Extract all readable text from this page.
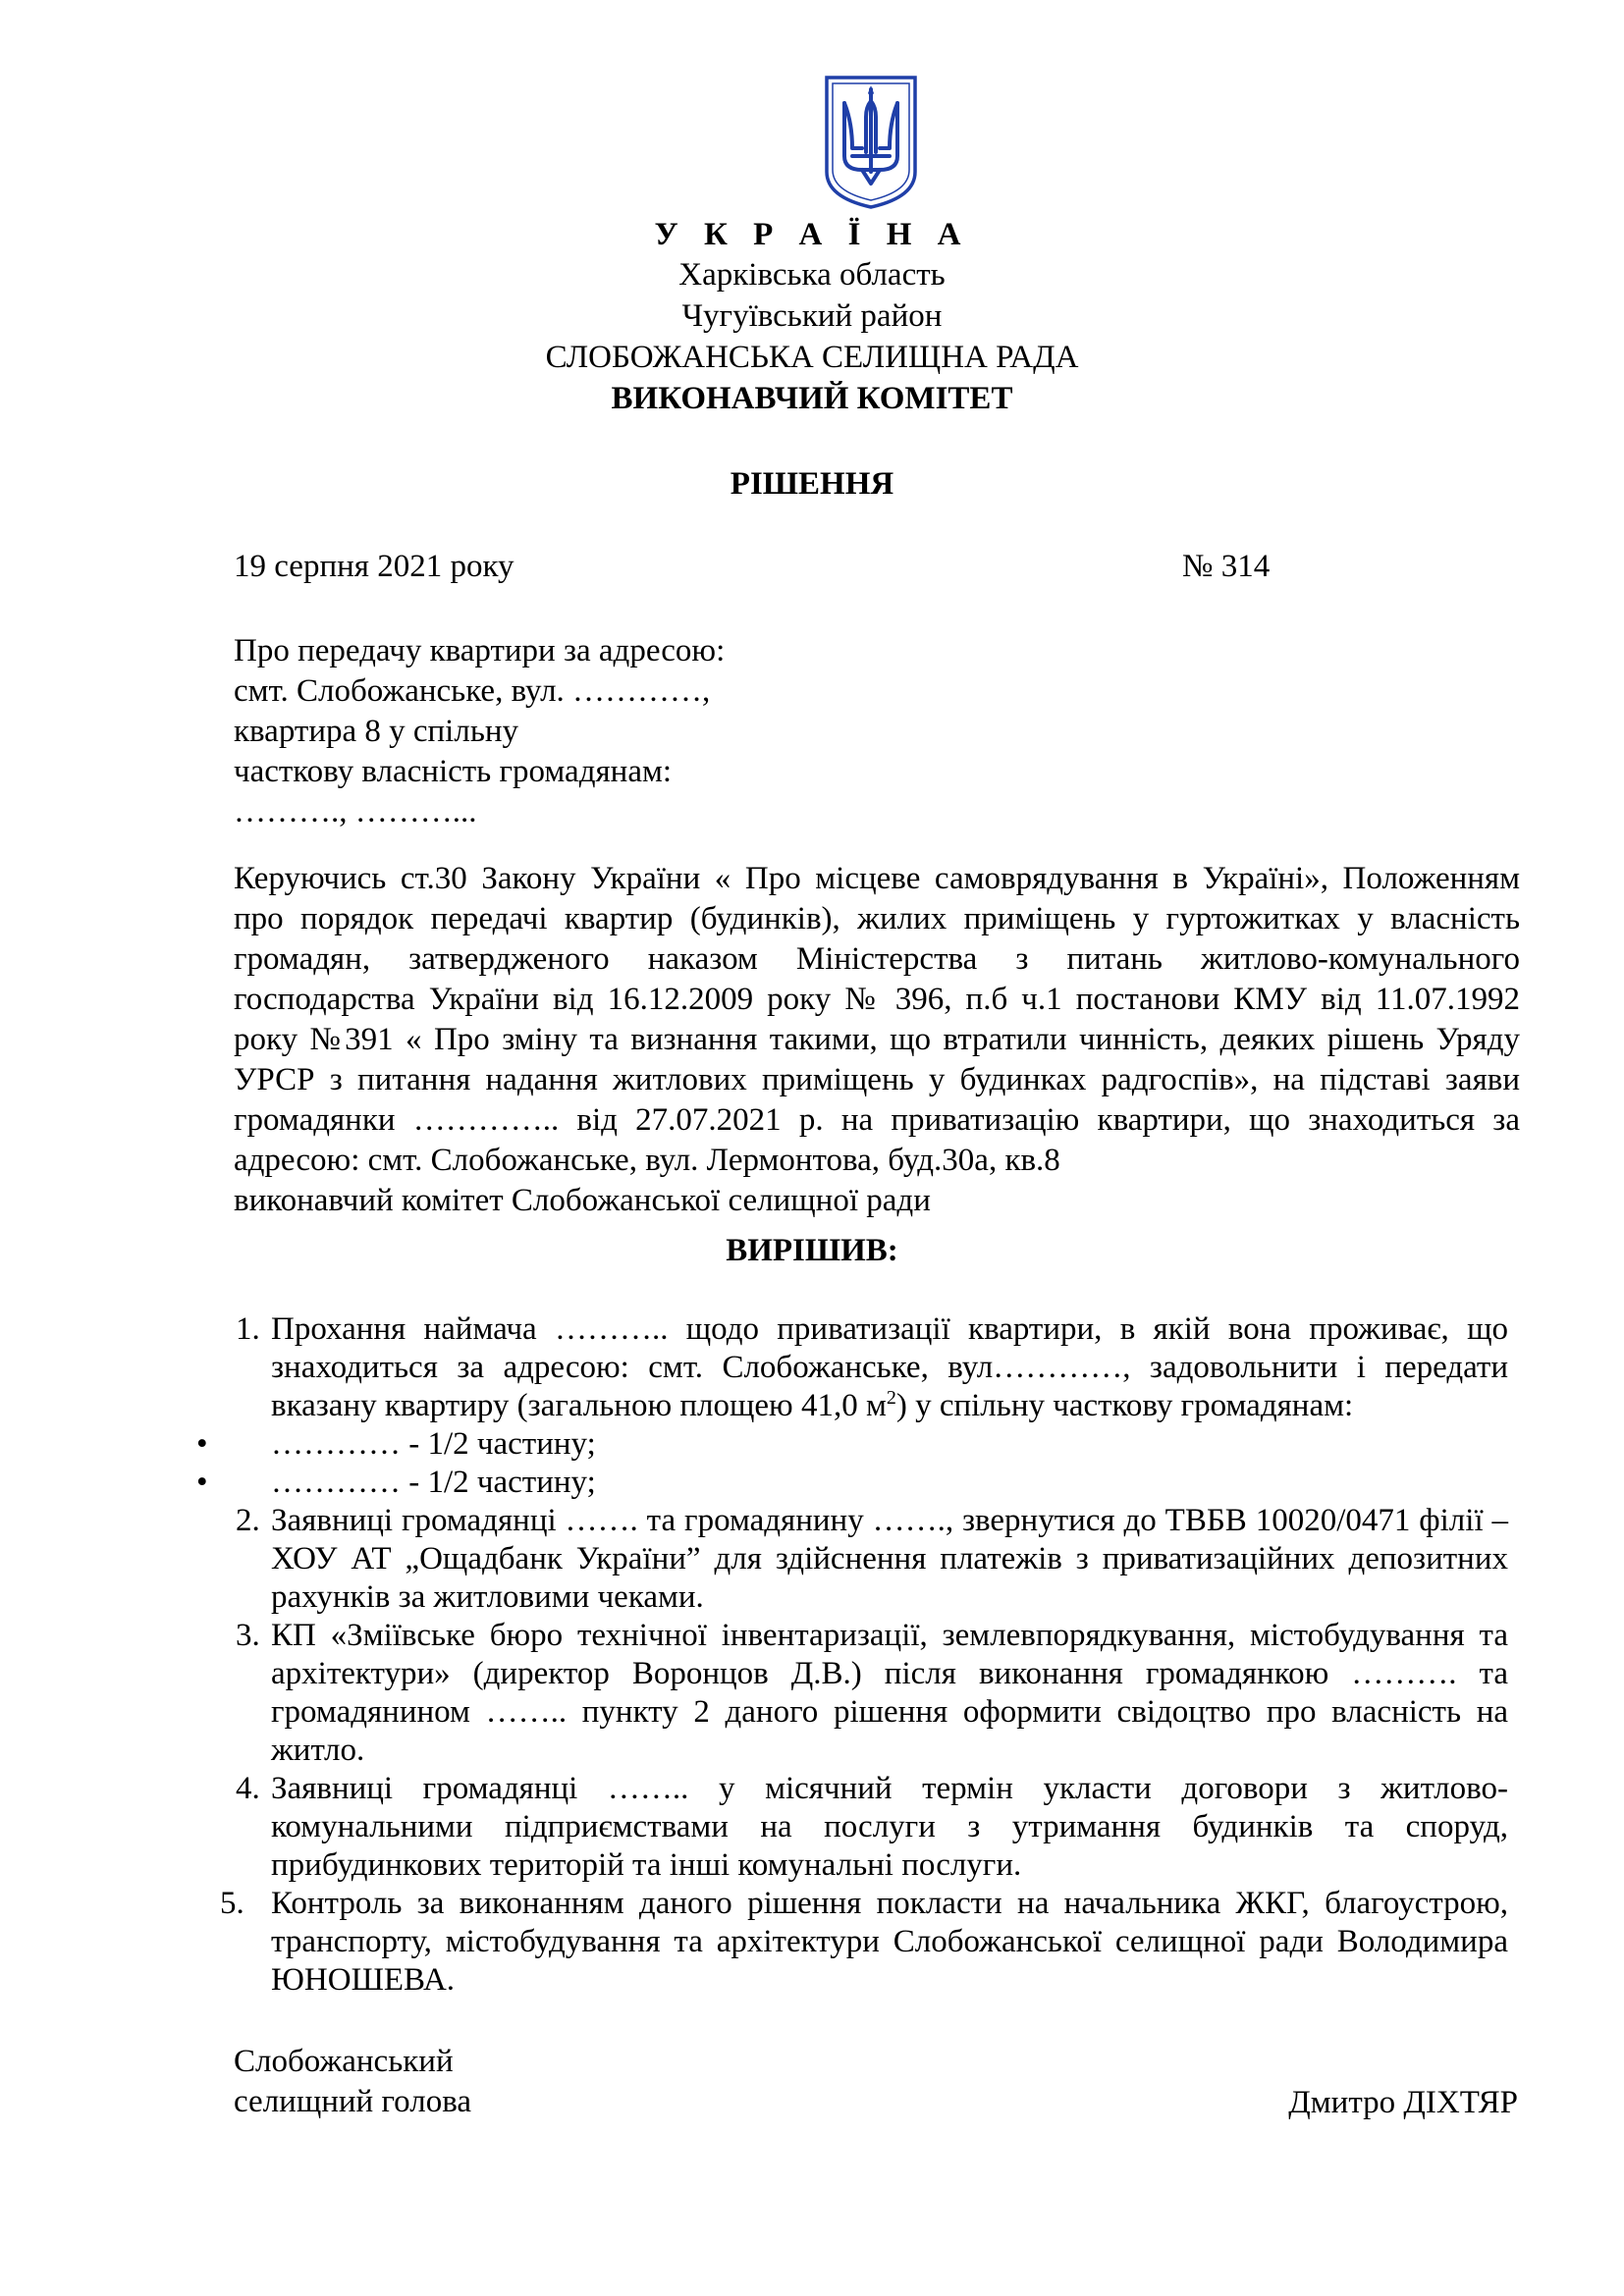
У К Р А Ї Н А
Харківська область
Чугуївський район
СЛОБОЖАНСЬКА СЕЛИЩНА РАДА
ВИКОНАВЧИЙ КОМІТЕТ
РІШЕННЯ
19 серпня 2021 року	№ 314
Про передачу квартири за адресою:
смт. Слобожанське, вул. …………,
квартира 8 у спільну
часткову власність громадянам:
………., ………...
Керуючись ст.30 Закону України « Про місцеве самоврядування в Україні», Положенням
про порядок передачі квартир (будинків), жилих приміщень у гуртожитках у власність
громадян, затвердженого наказом Міністерства з питань житлово-комунального
господарства України від 16.12.2009 року № 396, п.б ч.1 постанови КМУ від 11.07.1992
року №391 « Про зміну та визнання такими, що втратили чинність, деяких рішень Уряду
УРСР з питання надання житлових приміщень у будинках радгоспів», на підставі заяви
громадянки ………….. від 27.07.2021 р. на приватизацію квартири, що знаходиться за
адресою: смт. Слобожанське, вул. Лермонтова, буд.30а, кв.8
виконавчий комітет Слобожанської селищної ради
ВИРІШИВ:
1. Прохання наймача ……….. щодо приватизації квартири, в якій вона проживає, що
знаходиться за адресою: смт. Слобожанське, вул…………, задовольнити і передати
вказану квартиру (загальною площею 41,0 $м^2$) у спільну часткову громадянам:
• ………… - 1/2 частину;
• ………… - 1/2 частину;
2. Заявниці громадянці ……. та громадянину ……., звернутися до ТВБВ 10020/0471 філії –
ХОУ АТ „Ощадбанк України” для здійснення платежів з приватизаційних депозитних
рахунків за житловими чеками.
3. КП «Зміївське бюро технічної інвентаризації, землевпорядкування, містобудування та
архітектури» (директор Воронцов Д.В.) після виконання громадянкою ………. та
громадянином …….. пункту 2 даного рішення оформити свідоцтво про власність на
житло.
4. Заявниці громадянці …….. у місячний термін укласти договори з житлово-
комунальними підприємствами на послуги з утримання будинків та споруд,
прибудинкових територій та інші комунальні послуги.
5. Контроль за виконанням даного рішення покласти на начальника ЖКГ, благоустрою,
транспорту, містобудування та архітектури Слобожанської селищної ради Володимира
ЮНОШЕВА.
Слобожанський
селищний голова	Дмитро ДІХТЯР
